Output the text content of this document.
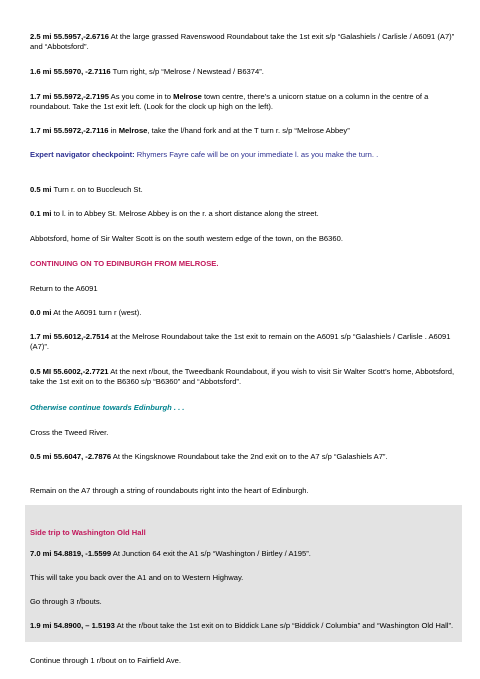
2.5 mi 55.5957,-2.6716 At the large grassed Ravenswood Roundabout take the 1st exit s/p “Galashiels / Carlisle / A6091 (A7)” and “Abbotsford”.

1.6 mi 55.5970, -2.7116 Turn right, s/p “Melrose / Newstead / B6374”.

1.7 mi 55.5972,-2.7195 As you come in to Melrose town centre, there’s a unicorn statue on a column in the centre of a roundabout. Take the 1st exit left. (Look for the clock up high on the left).

1.7 mi 55.5972,-2.7116 in Melrose, take the l/hand fork and at the T turn r. s/p “Melrose Abbey”

Expert navigator checkpoint: Rhymers Fayre cafe will be on your immediate l. as you make the turn. .

0.5 mi Turn r. on to Buccleuch St.

0.1 mi to l. in to Abbey St. Melrose Abbey is on the r. a short distance along the street.

Abbotsford, home of Sir Walter Scott is on the south western edge of the town, on the B6360.

CONTINUING ON TO EDINBURGH FROM MELROSE.

Return to the A6091

0.0 mi At the A6091 turn r (west).

1.7 mi 55.6012,-2.7514 at the Melrose Roundabout take the 1st exit to remain on the A6091 s/p “Galashiels / Carlisle . A6091 (A7)”.

0.5 MI 55.6002,-2.7721 At the next r/bout, the Tweedbank Roundabout, if you wish to visit Sir Walter Scott’s home, Abbotsford, take the 1st exit on to the B6360 s/p “B6360” and “Abbotsford”.

Otherwise continue towards Edinburgh . . .

Cross the Tweed River.

0.5 mi 55.6047, -2.7876 At the Kingsknowe Roundabout take the 2nd exit on to the A7 s/p “Galashiels A7”.

Remain on the A7 through a string of roundabouts right into the heart of Edinburgh.

Side trip to Washington Old Hall

7.0 mi 54.8819, -1.5599 At Junction 64 exit the A1 s/p “Washington / Birtley / A195”.

This will take you back over the A1 and on to Western Highway.

Go through 3 r/bouts.

1.9 mi 54.8900, – 1.5193 At the r/bout take the 1st exit on to Biddick Lane s/p “Biddick / Columbia” and “Washington Old Hall”.

Continue through 1 r/bout on to Fairfield Ave.
